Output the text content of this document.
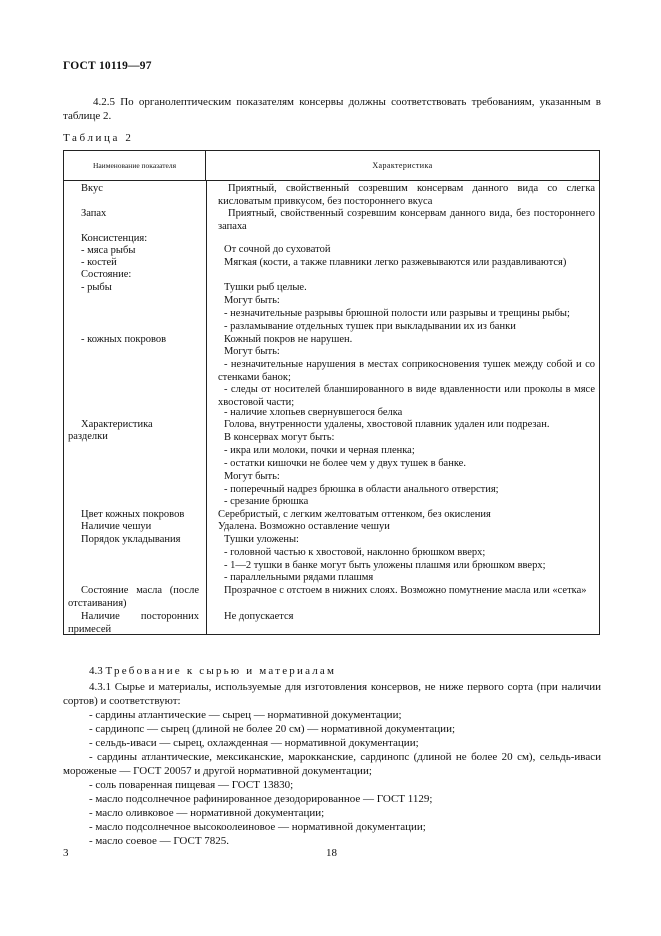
ГОСТ 10119—97
4.2.5 По органолептическим показателям консервы должны соответствовать требованиям, указанным в таблице 2.
Таблица 2
Наименование показателя	Характеристика
Вкус
Запах
Консистенция:
- мяса рыбы
- костей
Состояние:
- рыбы
- кожных покровов
Характеристика
разделки
Цвет кожных покровов
Наличие чешуи
Порядок укладывания
Состояние масла (после отстаивания)
Наличие посторонних примесей
Приятный, свойственный созревшим консервам данного вида со слегка кисловатым привкусом, без постороннего вкуса
Приятный, свойственный созревшим консервам данного вида, без постороннего запаха
От сочной до суховатой
Мягкая (кости, а также плавники легко разжевываются или раздавливаются)
Тушки рыб целые.
Могут быть:
- незначительные разрывы брюшной полости или разрывы и трещины рыбы;
- разламывание отдельных тушек при выкладывании их из банки
Кожный покров не нарушен.
Могут быть:
- незначительные нарушения в местах соприкосновения тушек между собой и со стенками банок;
- следы от носителей бланшированного в виде вдавленности или проколы в мясе хвостовой части;
- наличие хлопьев свернувшегося белка
Голова, внутренности удалены, хвостовой плавник удален или подрезан.
В консервах могут быть:
- икра или молоки, почки и черная пленка;
- остатки кишочки не более чем у двух тушек в банке.
Могут быть:
- поперечный надрез брюшка в области анального отверстия;
- срезание брюшка
Серебристый, с легким желтоватым оттенком, без окисления
Удалена. Возможно оставление чешуи
Тушки уложены:
- головной частью к хвостовой, наклонно брюшком вверх;
- 1—2 тушки в банке могут быть уложены плашмя или брюшком вверх;
- параллельными рядами плашмя
Прозрачное с отстоем в нижних слоях. Возможно помутнение масла или «сетка»
Не допускается
4.3 Требование к сырью и материалам
4.3.1 Сырье и материалы, используемые для изготовления консервов, не ниже первого сорта (при наличии сортов) и соответствуют:
- сардины атлантические — сырец — нормативной документации;
- сардинопс — сырец (длиной не более 20 см) — нормативной документации;
- сельдь-иваси — сырец, охлажденная — нормативной документации;
- сардины атлантические, мексиканские, марокканские, сардинопс (длиной не более 20 см), сельдь-иваси мороженые — ГОСТ 20057 и другой нормативной документации;
- соль поваренная пищевая — ГОСТ 13830;
- масло подсолнечное рафинированное дезодорированное — ГОСТ 1129;
- масло оливковое — нормативной документации;
- масло подсолнечное высокоолеиновое — нормативной документации;
- масло соевое — ГОСТ 7825.
3	18
